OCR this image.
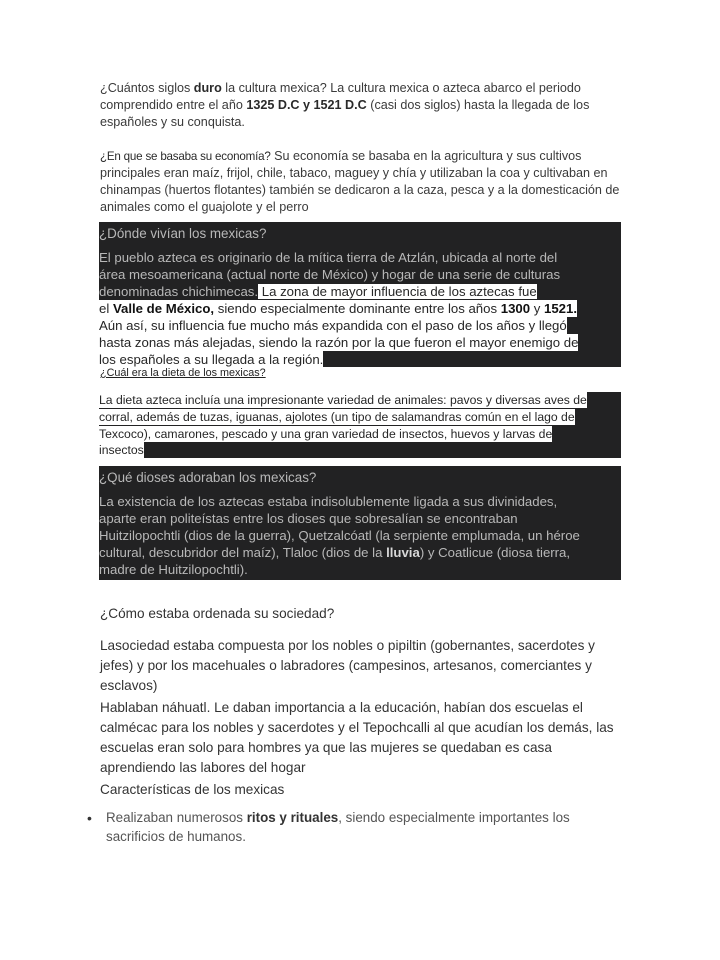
¿Cuántos siglos duro la cultura mexica? La cultura mexica o azteca abarco el periodo comprendido entre el año 1325 D.C y 1521 D.C (casi dos siglos) hasta la llegada de los españoles y su conquista.

¿En que se basaba su economía? Su economía se basaba en la agricultura y sus cultivos principales eran maíz, frijol, chile, tabaco, maguey y chía y utilizaban la coa y cultivaban en chinampas (huertos flotantes) también se dedicaron a la caza, pesca y a la domesticación de animales como el guajolote y el perro

¿Dónde vivían los mexicas?
El pueblo azteca es originario de la mítica tierra de Atzlán, ubicada al norte del
área mesoamericana (actual norte de México) y hogar de una serie de culturas
denominadas chichimecas. La zona de mayor influencia de los aztecas fue
el Valle de México, siendo especialmente dominante entre los años 1300 y 1521.
Aún así, su influencia fue mucho más expandida con el paso de los años y llegó
hasta zonas más alejadas, siendo la razón por la que fueron el mayor enemigo de
los españoles a su llegada a la región.
¿Cuál era la dieta de los mexicas?
La dieta azteca incluía una impresionante variedad de animales: pavos y diversas aves de
corral, además de tuzas, iguanas, ajolotes (un tipo de salamandras común en el lago de
Texcoco), camarones, pescado y una gran variedad de insectos, huevos y larvas de
insectos
¿Qué dioses adoraban los mexicas?
La existencia de los aztecas estaba indisolublemente ligada a sus divinidades,
aparte eran politeístas entre los dioses que sobresalían se encontraban
Huitzilopochtli (dios de la guerra), Quetzalcóatl (la serpiente emplumada, un héroe
cultural, descubridor del maíz), Tlaloc (dios de la lluvia) y Coatlicue (diosa tierra,
madre de Huitzilopochtli).
¿Cómo estaba ordenada su sociedad?
Lasociedad estaba compuesta por los nobles o pipiltin (gobernantes, sacerdotes y jefes) y por los macehuales o labradores (campesinos, artesanos, comerciantes y esclavos)
Hablaban náhuatl. Le daban importancia a la educación, habían dos escuelas el calmécac para los nobles y sacerdotes y el Tepochcalli al que acudían los demás, las escuelas eran solo para hombres ya que las mujeres se quedaban es casa aprendiendo las labores del hogar
Características de los mexicas
• Realizaban numerosos ritos y rituales, siendo especialmente importantes los sacrificios de humanos.
